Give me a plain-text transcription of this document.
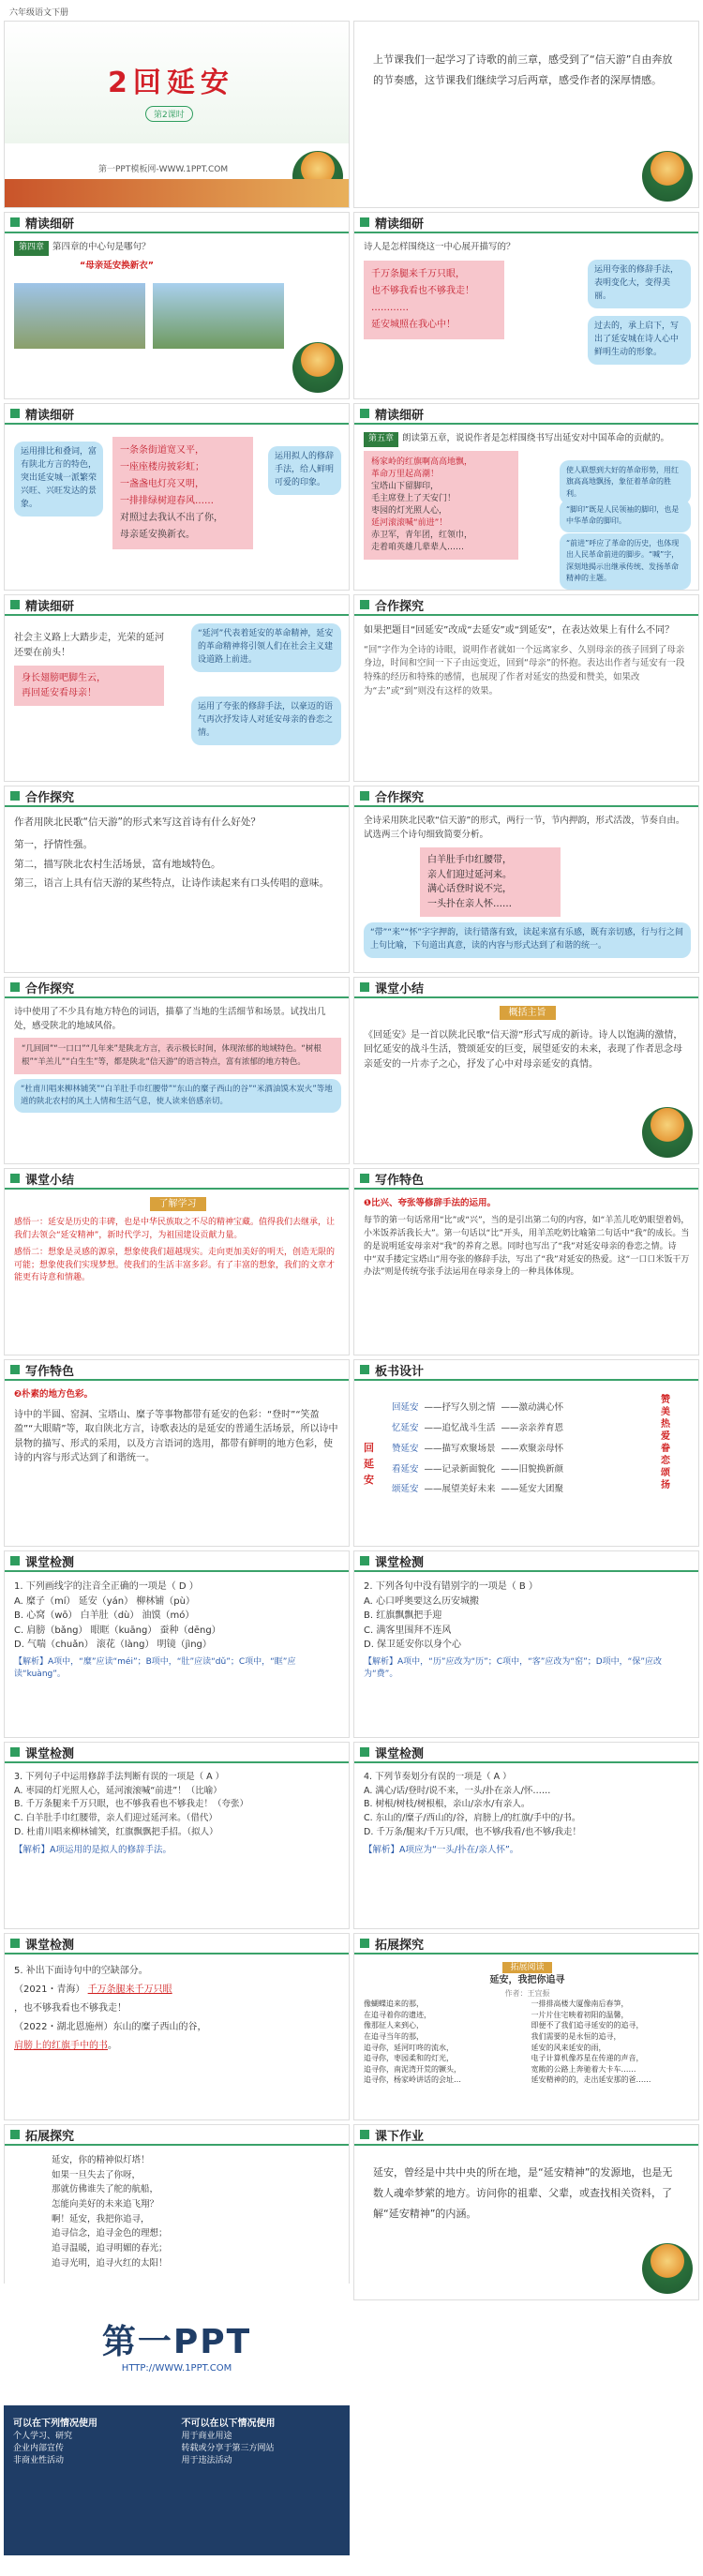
六年级语文下册
2回延安
第2课时
第一PPT模板网-WWW.1PPT.COM
上节课我们一起学习了诗歌的前三章，感受到了“信天游”自由奔放的节奏感，这节课我们继续学习后两章，感受作者的深厚情感。
精读细研
第四章 第四章的中心句是哪句？
“母亲延安换新衣”
精读细研
诗人是怎样围绕这一中心展开描写的？
千万条腿来千万只眼，
也不够我看也不够我走！
…………
延安城照在我心中！
运用夸张的修辞手法，表明变化大，变得美丽。
过去的，承上启下，写出了延安城在诗人心中鲜明生动的形象。
精读细研
运用排比和叠词，富有陕北方言的特色，突出延安城一派繁荣兴旺、兴旺发达的景象。
一条条街道宽又平，
一座座楼房披彩虹；
一盏盏电灯亮又明，
一排排绿树迎春风……
对照过去我认不出了你，
母亲延安换新衣。
运用拟人的修辞手法，给人鲜明可爱的印象。
精读细研
第五章 朗读第五章，说说作者是怎样围绕书写出延安对中国革命的贡献的。
杨家岭的红旗啊高高地飘，
革命万里起高潮！
宝塔山下留脚印，
毛主席登上了天安门！
枣园的灯光照人心，
延河滚滚喊“前进”！
赤卫军，青年团，红领巾，
走着咱英雄几辈辈人……
使人联想到大好的革命形势，用红旗高高地飘扬，象征着革命的胜利。
“脚印”既是人民领袖的脚印，也是中华革命的脚印。
“前进”呼应了革命的历史，也体现出人民革命前进的脚步。“喊”字，深刻地揭示出继承传统、发扬革命精神的主题。
精读细研
社会主义路上大踏步走，光荣的延河还要在前头！
身长翅膀吧脚生云，
再回延安看母亲！
“延河”代表着延安的革命精神，延安的革命精神将引领人们在社会主义建设道路上前进。
运用了夸张的修辞手法，以豪迈的语气再次抒发诗人对延安母亲的眷恋之情。
合作探究
如果把题目“回延安”改成“去延安”或“到延安”，在表达效果上有什么不同？
“回”字作为全诗的诗眼，说明作者就如一个远离家乡、久别母亲的孩子回到了母亲身边，时间和空间一下子由远变近，回到“母亲”的怀抱。表达出作者与延安有一段特殊的经历和特殊的感情，也展现了作者对延安的热爱和赞美，如果改为“去”或“到”则没有这样的效果。
合作探究
作者用陕北民歌“信天游”的形式来写这首诗有什么好处？
第一，抒情性强。
第二，描写陕北农村生活场景，富有地域特色。
第三，语言上具有信天游的某些特点，让诗作读起来有口头传唱的意味。
合作探究
全诗采用陕北民歌“信天游”的形式，两行一节，节内押韵，形式活泼，节奏自由。试选两三个诗句细致简要分析。
白羊肚手巾红腰带，
亲人们迎过延河来。
满心话登时说不完，
一头扑在亲人怀……
“带”“来”“怀”字字押韵，读行错落有致，读起来富有乐感，既有亲切感，行与行之间上句比喻，下句道出真意，读的内容与形式达到了和谐的统一。
合作探究
诗中使用了不少具有地方特色的词语，描摹了当地的生活细节和场景。试找出几处，感受陕北的地域风俗。
“几回回”“一口口”“几年来”是陕北方言，表示极长时间，体现浓郁的地域特色。“树根根”“羊羔儿”“白生生”等，都是陕北“信天游”的语言特点，富有浓郁的地方特色。
“杜甫川唱来柳林铺笑”“白羊肚手巾红腰带”“东山的糜子西山的谷”“米酒油馍木炭火”等地道的陕北农村的风土人情和生活气息，使人读来倍感亲切。
课堂小结
概括主旨
《回延安》是一首以陕北民歌“信天游”形式写成的新诗。诗人以饱满的激情，回忆延安的战斗生活，赞颂延安的巨变，展望延安的未来，表现了作者思念母亲延安的一片赤子之心，抒发了心中对母亲延安的真情。
课堂小结
了解学习
感悟一：延安是历史的丰碑，也是中华民族取之不尽的精神宝藏。值得我们去继承，让我们去领会“延安精神”，新时代学习，为祖国建设贡献力量。
感悟二：想象是灵感的源泉，想象使我们超越现实。走向更加美好的明天，创造无限的可能；想象使我们实现梦想。使我们的生活丰富多彩。有了丰富的想象，我们的文章才能更有诗意和情趣。
写作特色
❶比兴、夸张等修辞手法的运用。
每节的第一句话常用“比”或“兴”，当的是引出第二句的内容，如“羊羔儿吃奶眼望着妈，小米饭养活我长大”。第一句话以“比”开头，用羊羔吃奶比喻第二句话中“我”的成长。当的是说明延安母亲对“我”的养育之恩。同时也写出了“我”对延安母亲的眷恋之情。诗中“双手搂定宝塔山”用夸张的修辞手法，写出了“我”对延安的热爱。这“一口口米饭干万办法”则是传统夸张手法运用在母亲身上的一种具体体现。
写作特色
❷朴素的地方色彩。
诗中的半圆、窑洞、宝塔山、糜子等事物都带有延安的色彩：“登时”“笑盈盈”“大眼睛”等，取自陕北方言，诗歌表达的是延安的普通生活场景，所以诗中景物的描写、形式的采用，以及方言语词的选用，都带有鲜明的地方色彩，使诗的内容与形式达到了和谐统一。
板书设计
回延安
回延安 ——抒写久别之情 ——激动满心怀
忆延安 ——追忆战斗生活 ——亲亲养育恩
赞延安 ——描写欢聚场景 ——欢聚亲母怀
看延安 ——记录新面貌化 ——旧貌换新颜
颂延安 ——展望美好未来 ——延安大团聚
赞美 热爱 眷恋 颂扬
课堂检测
1. 下列画线字的注音全正确的一项是（ D ）
A. 糜子（mí） 延安（yán） 柳林铺（pù）
B. 心窝（wō） 白羊肚（dù） 油馍（mó）
C. 肩膀（bǎng） 眼眶（kuāng） 蚕种（dēng）
D. 气喘（chuǎn） 滚花（làng） 明镜（jìng）
【解析】A项中，“糜”应读“méi”；B项中，“肚”应读“dǔ”；C项中，“眶”应读“kuàng”。
课堂检测
2. 下列各句中没有错别字的一项是（ B ）
A. 心口呼奥要这么历安城搬
B. 红旗飘飘把手迎
C. 满客里围拜不连风
D. 保卫延安你以身个心
【解析】A项中，“历”应改为“历”；C项中，“客”应改为“窑”；D项中，“保”应改为“费”。
课堂检测
3. 下列句子中运用修辞手法判断有误的一项是（ A ）
A. 枣园的灯光照人心，延河滚滚喊“前进”！（比喻）
B. 千万条腿来千万只眼，也不够我看也不够我走！（夸张）
C. 白羊肚手巾红腰带，亲人们迎过延河来。（借代）
D. 杜甫川唱来柳林铺笑，红旗飘飘把手招。（拟人）
【解析】A项运用的是拟人的修辞手法。
课堂检测
4. 下列节奏划分有误的一项是（ A ）
A. 满心/话/登时/说不来，一头/扑在亲人/怀……
B. 树根/树枝/树根根，亲山/亲水/有亲人。
C. 东山的/糜子/西山的/谷，肩膀上/的红旗/手中的/书。
D. 千万条/腿来/千万只/眼，也不够/我看/也不够/我走！
【解析】A项应为“一头/扑在/亲人怀”。
课堂检测
5. 补出下面诗句中的空缺部分。
（2021・青海） 千万条腿来千万只眼
，也不够我看也不够我走！
（2022・湖北恩施州）东山的糜子西山的谷，
肩膀上的红旗手中的书。
拓展探究
拓展阅读
延安，我把你追寻
作者：王宜振
像蝴蝶追来的那，
在追寻着你的遗迹，
像那征人来到心，
在追寻当年的那，
追寻你，延河叮咚的流水，
追寻你，枣园柔和的灯光，
追寻你，南泥湾开荒的镢头，
追寻你，杨家岭讲话的会址…
一排排高楼大厦像南后春笋，
一片片住宅映着初阳的温馨，
即便不了我们追寻延安的的追寻，
我们需要的是永恒的追寻，
延安的风来延安的雨，
电子计算机像苏星在传递的声音，
宽敞的公路上奔驰着大卡车……
延安精神的的，走出延安那的爸……
拓展探究
延安，你的精神似灯塔！
如果一旦失去了你呀，
那就仿佛谁失了舵的航船，
怎能向美好的未来追飞翔？
啊！延安，我把你追寻，
追寻信念，追寻金色的理想；
追寻温暖，追寻明媚的春光；
追寻光明，追寻火红的太阳！
课下作业
延安，曾经是中共中央的所在地，是“延安精神”的发源地，也是无数人魂牵梦萦的地方。访问你的祖辈、父辈，或查找相关资料，了解“延安精神”的内涵。
第一PPT
HTTP://WWW.1PPT.COM
可以在下列情况使用
个人学习、研究
企业内部宣传
非商业性活动
不可以在以下情况使用
用于商业用途
转载或分享于第三方网站
用于违法活动
